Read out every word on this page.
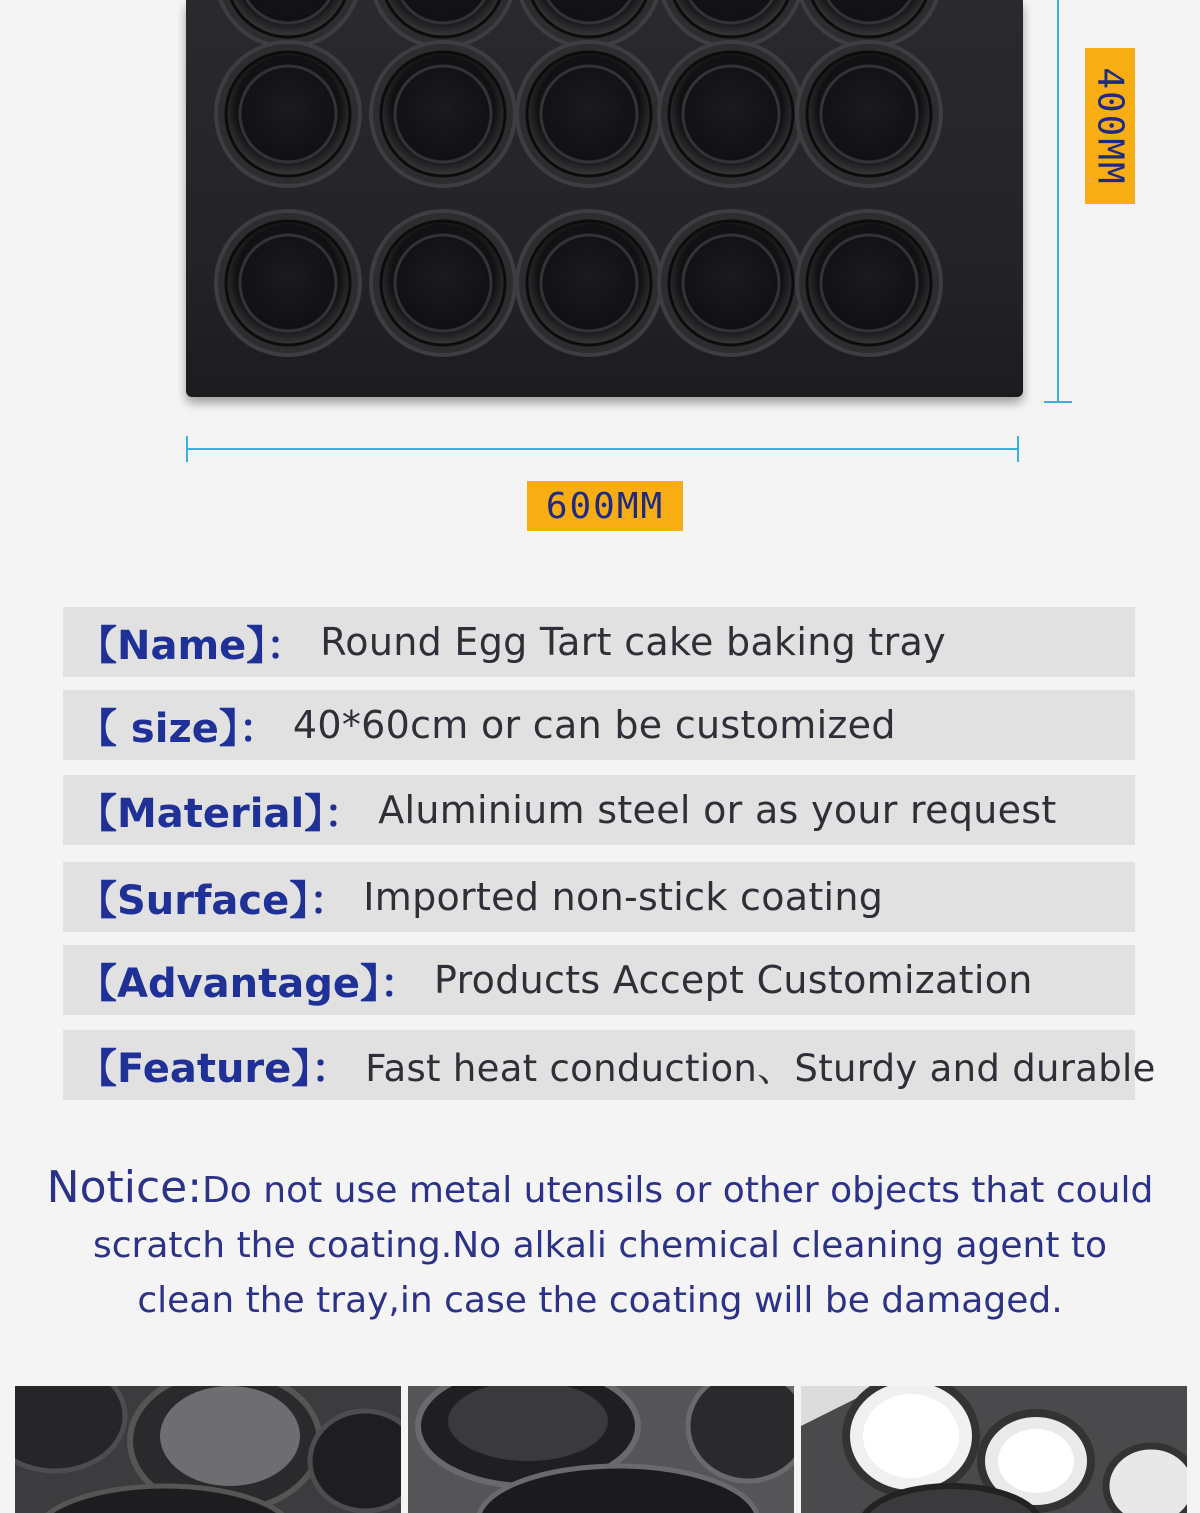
600MM
400MM
【Name】： Round Egg Tart cake baking tray
【 size】： 40*60cm or can be customized
【Material】： Aluminium steel or as your request
【Surface】： Imported non-stick coating
【Advantage】： Products Accept Customization
【Feature】： Fast heat conduction、Sturdy and durable
Notice:Do not use metal utensils or other objects that could scratch the coating.No alkali chemical cleaning agent to clean the tray,in case the coating will be damaged.
